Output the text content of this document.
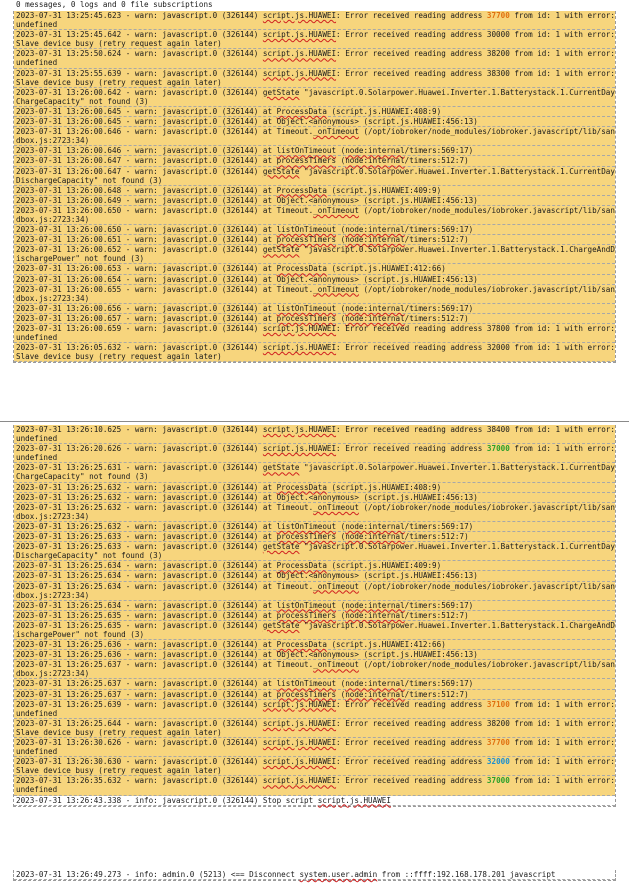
0 messages, 0 logs and 0 file subscriptions
2023-07-31 13:25:45.623 - warn: javascript.0 (326144) script.js.HUAWEI: Error received reading address 37700 from id: 1 with error: undefined
2023-07-31 13:25:45.642 - warn: javascript.0 (326144) script.js.HUAWEI: Error received reading address 30000 from id: 1 with error: Slave device busy (retry request again later)
2023-07-31 13:25:50.624 - warn: javascript.0 (326144) script.js.HUAWEI: Error received reading address 38200 from id: 1 with error: undefined
2023-07-31 13:25:55.639 - warn: javascript.0 (326144) script.js.HUAWEI: Error received reading address 38300 from id: 1 with error: Slave device busy (retry request again later)
2023-07-31 13:26:00.642 - warn: javascript.0 (326144) getState "javascript.0.Solarpower.Huawei.Inverter.1.Batterystack.1.CurrentDayChargeCapacity" not found (3)
2023-07-31 13:26:00.645 - warn: javascript.0 (326144) at ProcessData (script.js.HUAWEI:408:9)
2023-07-31 13:26:00.645 - warn: javascript.0 (326144) at Object.<anonymous> (script.js.HUAWEI:456:13)
2023-07-31 13:26:00.646 - warn: javascript.0 (326144) at Timeout._onTimeout (/opt/iobroker/node_modules/iobroker.javascript/lib/sandbox.js:2723:34)
2023-07-31 13:26:00.646 - warn: javascript.0 (326144) at listOnTimeout (node:internal/timers:569:17)
2023-07-31 13:26:00.647 - warn: javascript.0 (326144) at processTimers (node:internal/timers:512:7)
2023-07-31 13:26:00.647 - warn: javascript.0 (326144) getState "javascript.0.Solarpower.Huawei.Inverter.1.Batterystack.1.CurrentDayDischargeCapacity" not found (3)
2023-07-31 13:26:00.648 - warn: javascript.0 (326144) at ProcessData (script.js.HUAWEI:409:9)
2023-07-31 13:26:00.649 - warn: javascript.0 (326144) at Object.<anonymous> (script.js.HUAWEI:456:13)
2023-07-31 13:26:00.650 - warn: javascript.0 (326144) at Timeout._onTimeout (/opt/iobroker/node_modules/iobroker.javascript/lib/sandbox.js:2723:34)
2023-07-31 13:26:00.650 - warn: javascript.0 (326144) at listOnTimeout (node:internal/timers:569:17)
2023-07-31 13:26:00.651 - warn: javascript.0 (326144) at processTimers (node:internal/timers:512:7)
2023-07-31 13:26:00.652 - warn: javascript.0 (326144) getState "javascript.0.Solarpower.Huawei.Inverter.1.Batterystack.1.ChargeAndDischargePower" not found (3)
2023-07-31 13:26:00.653 - warn: javascript.0 (326144) at ProcessData (script.js.HUAWEI:412:66)
2023-07-31 13:26:00.654 - warn: javascript.0 (326144) at Object.<anonymous> (script.js.HUAWEI:456:13)
2023-07-31 13:26:00.655 - warn: javascript.0 (326144) at Timeout._onTimeout (/opt/iobroker/node_modules/iobroker.javascript/lib/sandbox.js:2723:34)
2023-07-31 13:26:00.656 - warn: javascript.0 (326144) at listOnTimeout (node:internal/timers:569:17)
2023-07-31 13:26:00.657 - warn: javascript.0 (326144) at processTimers (node:internal/timers:512:7)
2023-07-31 13:26:00.659 - warn: javascript.0 (326144) script.js.HUAWEI: Error received reading address 37800 from id: 1 with error: undefined
2023-07-31 13:26:05.632 - warn: javascript.0 (326144) script.js.HUAWEI: Error received reading address 32000 from id: 1 with error: Slave device busy (retry request again later)
2023-07-31 13:26:10.625 - warn: javascript.0 (326144) script.js.HUAWEI: Error received reading address 38400 from id: 1 with error: undefined
2023-07-31 13:26:20.626 - warn: javascript.0 (326144) script.js.HUAWEI: Error received reading address 37000 from id: 1 with error: undefined
2023-07-31 13:26:25.631 - warn: javascript.0 (326144) getState "javascript.0.Solarpower.Huawei.Inverter.1.Batterystack.1.CurrentDayChargeCapacity" not found (3)
2023-07-31 13:26:25.632 - warn: javascript.0 (326144) at ProcessData (script.js.HUAWEI:408:9)
2023-07-31 13:26:25.632 - warn: javascript.0 (326144) at Object.<anonymous> (script.js.HUAWEI:456:13)
2023-07-31 13:26:25.632 - warn: javascript.0 (326144) at Timeout._onTimeout (/opt/iobroker/node_modules/iobroker.javascript/lib/sandbox.js:2723:34)
2023-07-31 13:26:25.632 - warn: javascript.0 (326144) at listOnTimeout (node:internal/timers:569:17)
2023-07-31 13:26:25.633 - warn: javascript.0 (326144) at processTimers (node:internal/timers:512:7)
2023-07-31 13:26:25.633 - warn: javascript.0 (326144) getState "javascript.0.Solarpower.Huawei.Inverter.1.Batterystack.1.CurrentDayDischargeCapacity" not found (3)
2023-07-31 13:26:25.634 - warn: javascript.0 (326144) at ProcessData (script.js.HUAWEI:409:9)
2023-07-31 13:26:25.634 - warn: javascript.0 (326144) at Object.<anonymous> (script.js.HUAWEI:456:13)
2023-07-31 13:26:25.634 - warn: javascript.0 (326144) at Timeout._onTimeout (/opt/iobroker/node_modules/iobroker.javascript/lib/sandbox.js:2723:34)
2023-07-31 13:26:25.634 - warn: javascript.0 (326144) at listOnTimeout (node:internal/timers:569:17)
2023-07-31 13:26:25.635 - warn: javascript.0 (326144) at processTimers (node:internal/timers:512:7)
2023-07-31 13:26:25.635 - warn: javascript.0 (326144) getState "javascript.0.Solarpower.Huawei.Inverter.1.Batterystack.1.ChargeAndDischargePower" not found (3)
2023-07-31 13:26:25.636 - warn: javascript.0 (326144) at ProcessData (script.js.HUAWEI:412:66)
2023-07-31 13:26:25.636 - warn: javascript.0 (326144) at Object.<anonymous> (script.js.HUAWEI:456:13)
2023-07-31 13:26:25.637 - warn: javascript.0 (326144) at Timeout._onTimeout (/opt/iobroker/node_modules/iobroker.javascript/lib/sandbox.js:2723:34)
2023-07-31 13:26:25.637 - warn: javascript.0 (326144) at listOnTimeout (node:internal/timers:569:17)
2023-07-31 13:26:25.637 - warn: javascript.0 (326144) at processTimers (node:internal/timers:512:7)
2023-07-31 13:26:25.639 - warn: javascript.0 (326144) script.js.HUAWEI: Error received reading address 37100 from id: 1 with error: undefined
2023-07-31 13:26:25.644 - warn: javascript.0 (326144) script.js.HUAWEI: Error received reading address 38200 from id: 1 with error: Slave device busy (retry request again later)
2023-07-31 13:26:30.626 - warn: javascript.0 (326144) script.js.HUAWEI: Error received reading address 37700 from id: 1 with error: undefined
2023-07-31 13:26:30.630 - warn: javascript.0 (326144) script.js.HUAWEI: Error received reading address 32000 from id: 1 with error: Slave device busy (retry request again later)
2023-07-31 13:26:35.632 - warn: javascript.0 (326144) script.js.HUAWEI: Error received reading address 37000 from id: 1 with error: undefined
2023-07-31 13:26:43.338 - info: javascript.0 (326144) Stop script script.js.HUAWEI
2023-07-31 13:26:49.273 - info: admin.0 (5213) <== Disconnect system.user.admin from ::ffff:192.168.178.201 javascript
